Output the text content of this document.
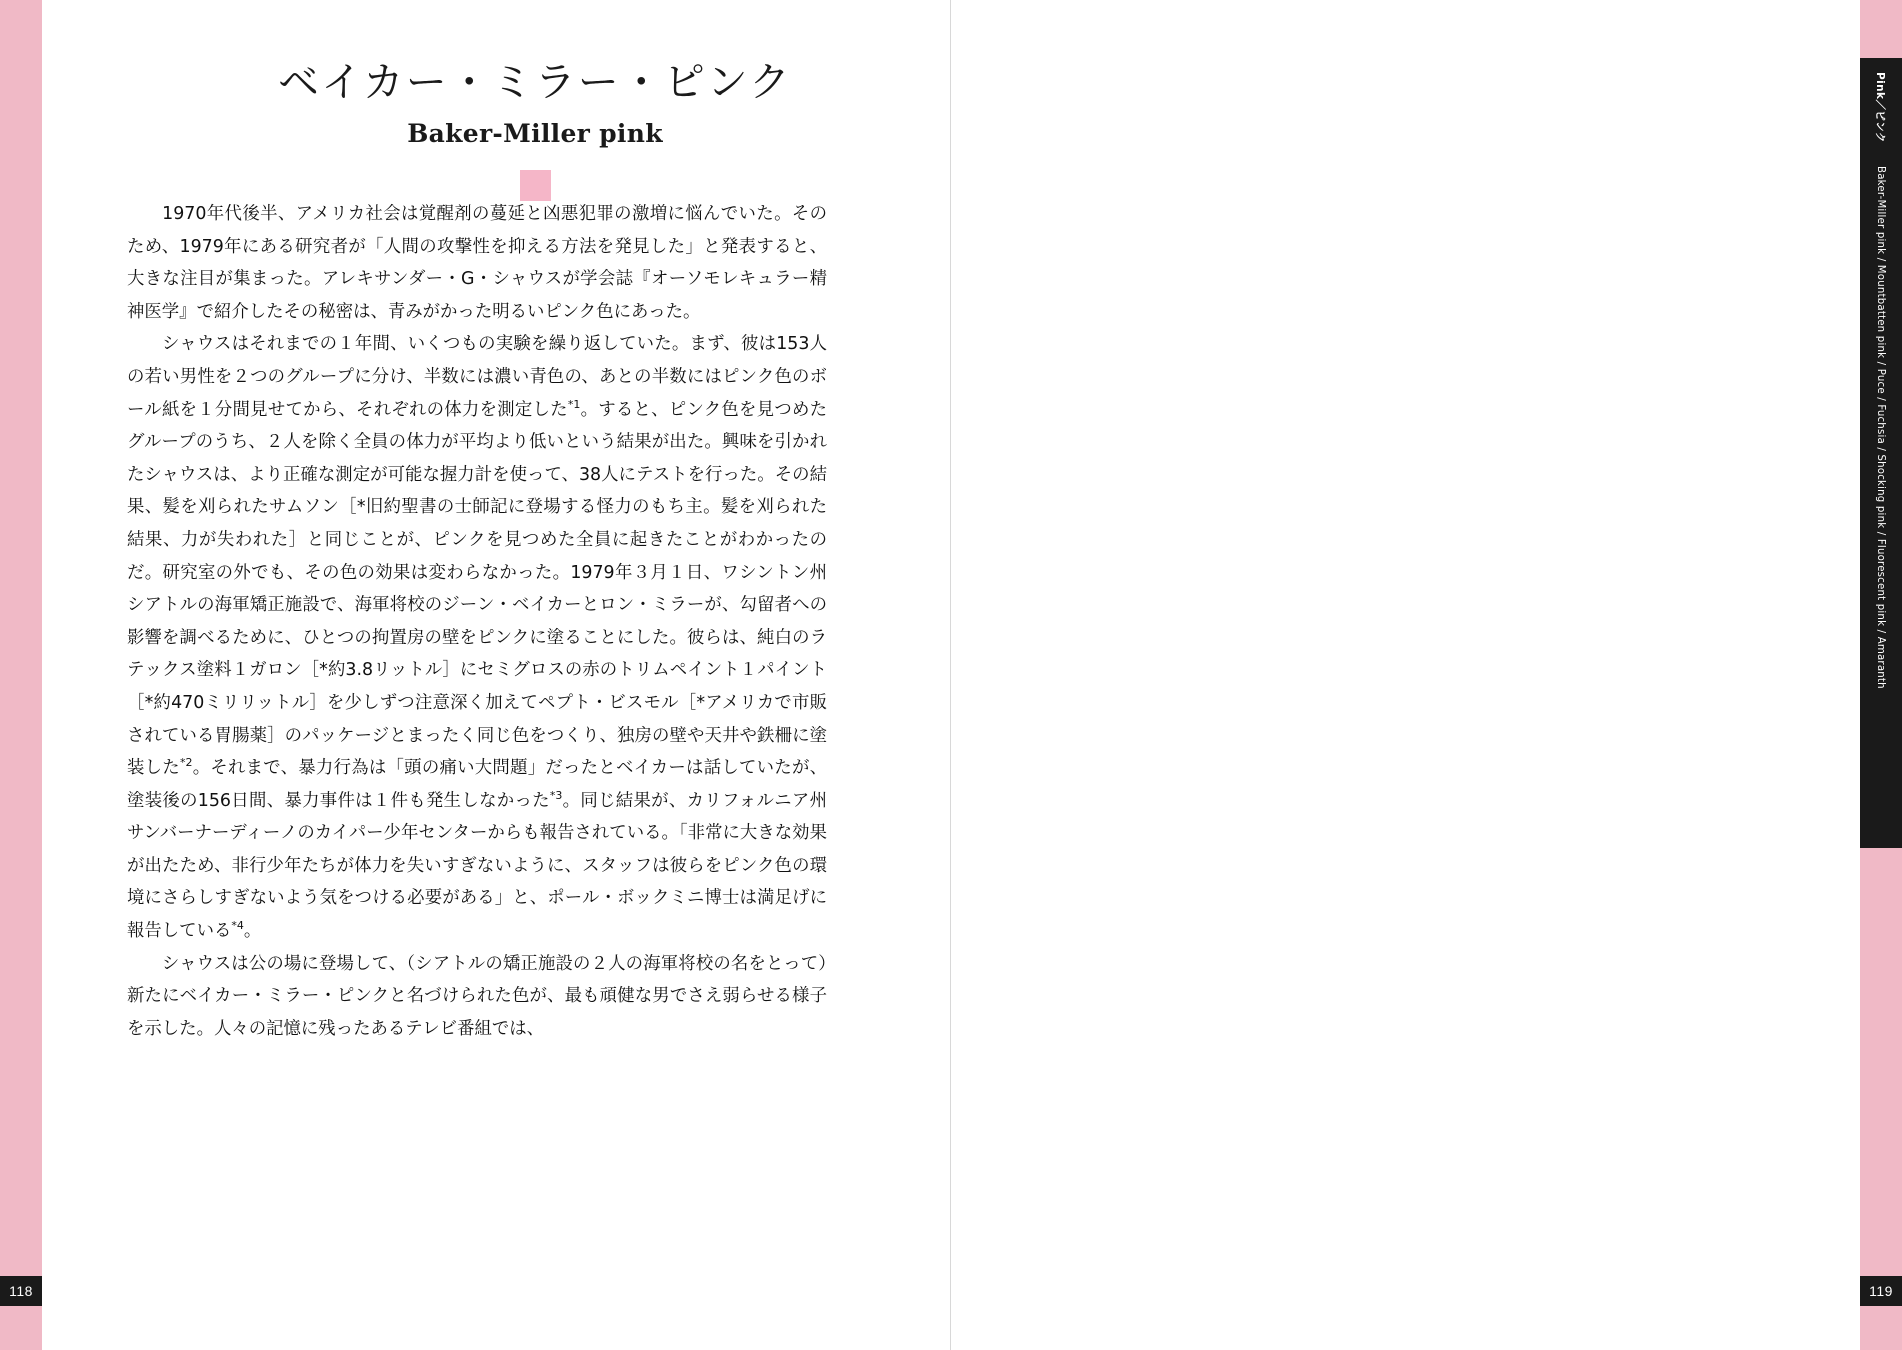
ベイカー・ミラー・ピンク
Baker-Miller pink

　1970年代後半、アメリカ社会は覚醒剤の蔓延と凶悪犯罪の激増に悩んでいた。そのため、1979年にある研究者が「人間の攻撃性を抑える方法を発見した」と発表すると、大きな注目が集まった。アレキサンダー・G・シャウスが学会誌『オーソモレキュラー精神医学』で紹介したその秘密は、青みがかった明るいピンク色にあった。

　シャウスはそれまでの１年間、いくつもの実験を繰り返していた。まず、彼は153人の若い男性を２つのグループに分け、半数には濃い青色の、あとの半数にはピンク色のボール紙を１分間見せてから、それぞれの体力を測定した$^{*1}$。すると、ピンク色を見つめたグループのうち、２人を除く全員の体力が平均より低いという結果が出た。興味を引かれたシャウスは、より正確な測定が可能な握力計を使って、38人にテストを行った。その結果、髪を刈られたサムソン［*旧約聖書の士師記に登場する怪力のもち主。髪を刈られた結果、力が失われた］と同じことが、ピンクを見つめた全員に起きたことがわかったのだ。研究室の外でも、その色の効果は変わらなかった。1979年３月１日、ワシントン州シアトルの海軍矯正施設で、海軍将校のジーン・ベイカーとロン・ミラーが、勾留者への影響を調べるために、ひとつの拘置房の壁をピンクに塗ることにした。彼らは、純白のラテックス塗料１ガロン［*約3.8リットル］にセミグロスの赤のトリムペイント１パイント［*約470ミリリットル］を少しずつ注意深く加えてペプト・ビスモル［*アメリカで市販されている胃腸薬］のパッケージとまったく同じ色をつくり、独房の壁や天井や鉄柵に塗装した$^{*2}$。それまで、暴力行為は「頭の痛い大問題」だったとベイカーは話していたが、塗装後の156日間、暴力事件は１件も発生しなかった$^{*3}$。同じ結果が、カリフォルニア州サンバーナーディーノのカイパー少年センターからも報告されている。「非常に大きな効果が出たため、非行少年たちが体力を失いすぎないように、スタッフは彼らをピンク色の環境にさらしすぎないよう気をつける必要がある」と、ポール・ボックミニ博士は満足げに報告している$^{*4}$。

　シャウスは公の場に登場して、（シアトルの矯正施設の２人の海軍将校の名をとって）新たにベイカー・ミラー・ピンクと名づけられた色が、最も頑健な男でさえ弱らせる様子を示した。人々の記憶に残ったあるテレビ番組では、

118
Pink／ピンク
Baker-Miller pink / Mountbatten pink / Puce / Fuchsia / Shocking pink / Fluorescent pink / Amaranth

119
